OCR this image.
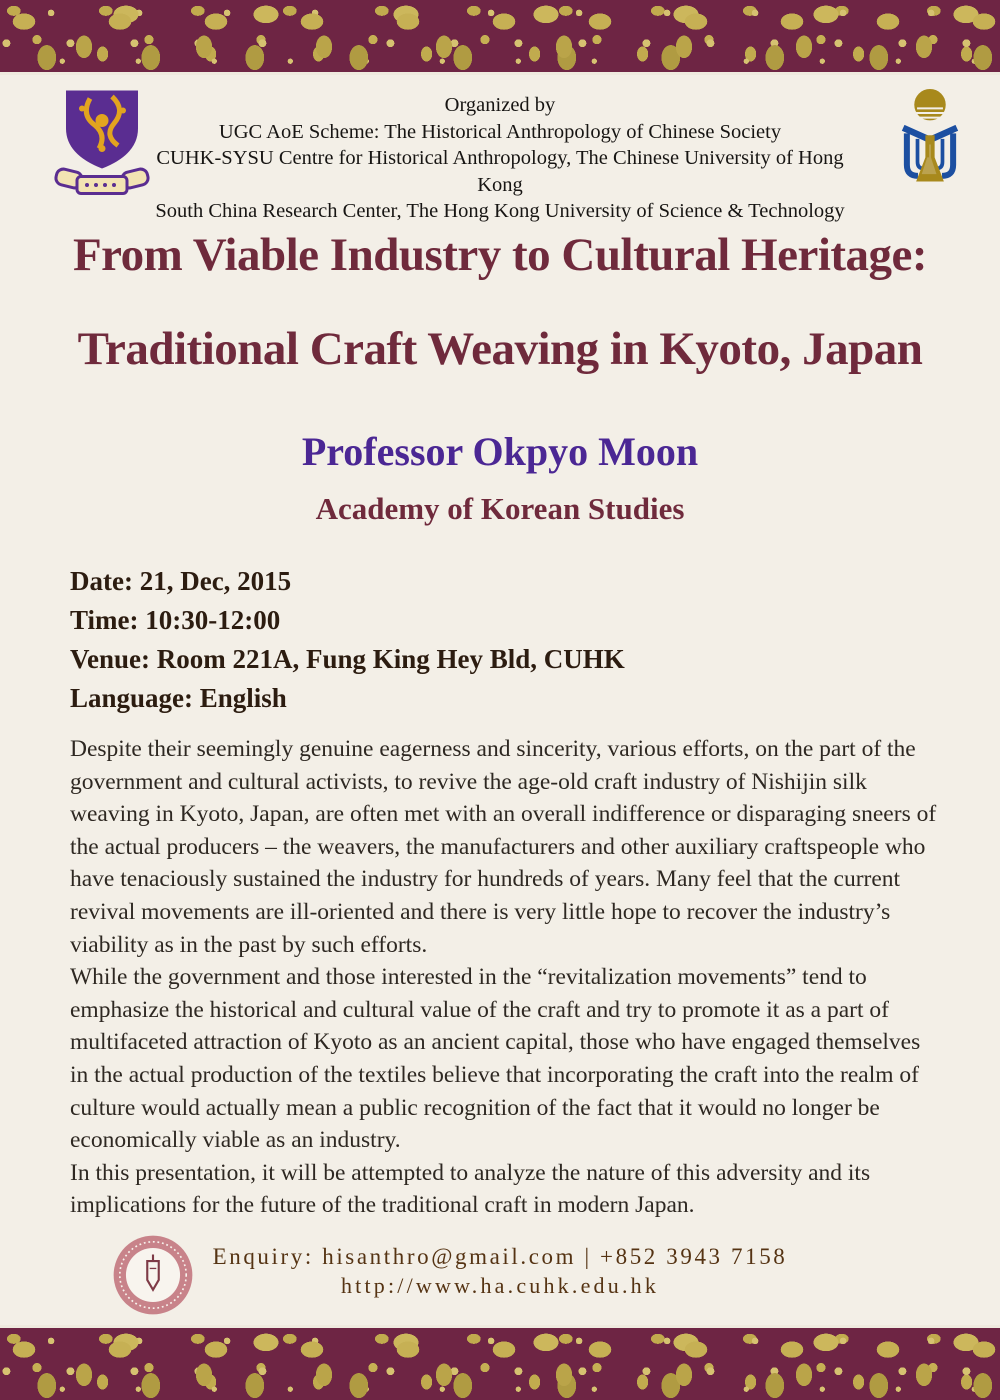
Organized by
UGC AoE Scheme: The Historical Anthropology of Chinese Society
CUHK-SYSU Centre for Historical Anthropology, The Chinese University of Hong Kong
South China Research Center, The Hong Kong University of Science & Technology
From Viable Industry to Cultural Heritage:
Traditional Craft Weaving in Kyoto, Japan
Professor Okpyo Moon
Academy of Korean Studies
Date: 21, Dec, 2015
Time: 10:30-12:00
Venue: Room 221A, Fung King Hey Bld, CUHK
Language: English

Despite their seemingly genuine eagerness and sincerity, various efforts, on the part of the government and cultural activists, to revive the age-old craft industry of Nishijin silk weaving in Kyoto, Japan, are often met with an overall indifference or disparaging sneers of the actual producers – the weavers, the manufacturers and other auxiliary craftspeople who have tenaciously sustained the industry for hundreds of years. Many feel that the current revival movements are ill-oriented and there is very little hope to recover the industry’s viability as in the past by such efforts.

While the government and those interested in the “revitalization movements” tend to emphasize the historical and cultural value of the craft and try to promote it as a part of multifaceted attraction of Kyoto as an ancient capital, those who have engaged themselves in the actual production of the textiles believe that incorporating the craft into the realm of culture would actually mean a public recognition of the fact that it would no longer be economically viable as an industry.

In this presentation, it will be attempted to analyze the nature of this adversity and its implications for the future of the traditional craft in modern Japan.

Enquiry: hisanthro@gmail.com | +852 3943 7158
http://www.ha.cuhk.edu.hk
